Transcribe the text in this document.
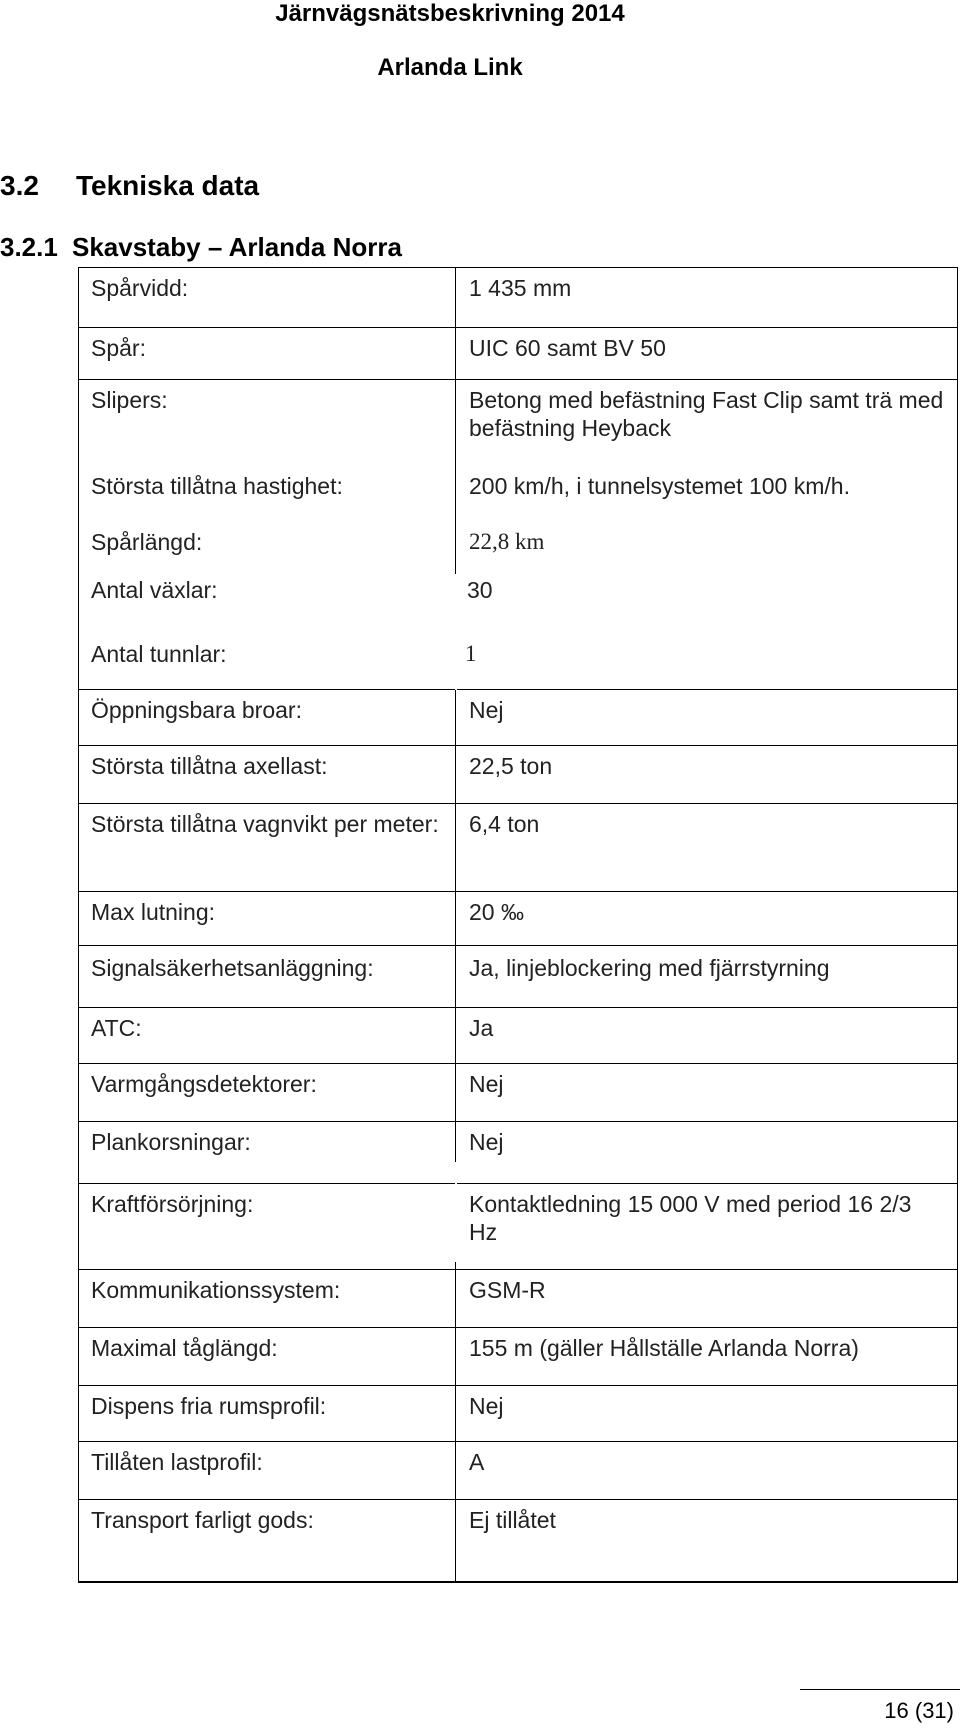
Järnvägsnätsbeskrivning 2014
Arlanda Link
3.2 Tekniska data
3.2.1 Skavstaby – Arlanda Norra
Spårvidd:	1 435 mm
Spår:	UIC 60 samt BV 50
Slipers:	Betong med befästning Fast Clip samt trä med befästning Heyback
Största tillåtna hastighet:	200 km/h, i tunnelsystemet 100 km/h.
Spårlängd:	22,8 km
Antal växlar:	30
Antal tunnlar:	1
Öppningsbara broar:	Nej
Största tillåtna axellast:	22,5 ton
Största tillåtna vagnvikt per meter: 6,4 ton
Max lutning:	20 ‰
Signalsäkerhetsanläggning:	Ja, linjeblockering med fjärrstyrning
ATC:	Ja
Varmgångsdetektorer:	Nej
Plankorsningar:	Nej
Kraftförsörjning:	Kontaktledning 15 000 V med period 16 2/3 Hz
Kommunikationssystem:	GSM-R
Maximal tåglängd:	155 m (gäller Hållställe Arlanda Norra)
Dispens fria rumsprofil:	Nej
Tillåten lastprofil:	A
Transport farligt gods:	Ej tillåtet
16 (31)
